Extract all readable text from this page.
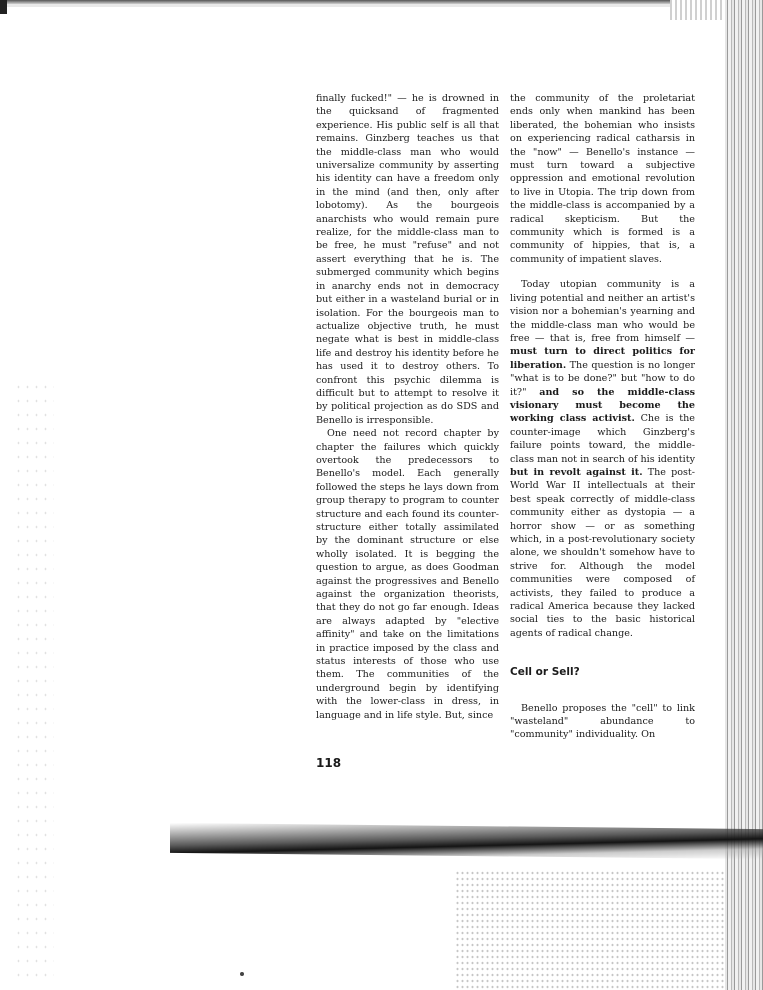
finally fucked!" — he is drowned in the quicksand of fragmented experience. His public self is all that remains. Ginzberg teaches us that the middle-class man who would universalize community by asserting his identity can have a freedom only in the mind (and then, only after lobotomy). As the bourgeois anarchists who would remain pure realize, for the middle-class man to be free, he must "refuse" and not assert everything that he is. The submerged community which begins in anarchy ends not in democracy but either in a wasteland burial or in isolation. For the bourgeois man to actualize objective truth, he must negate what is best in middle-class life and destroy his identity before he has used it to destroy others. To confront this psychic dilemma is difficult but to attempt to resolve it by political projection as do SDS and Benello is irresponsible.

One need not record chapter by chapter the failures which quickly overtook the predecessors to Benello's model. Each generally followed the steps he lays down from group therapy to program to counter structure and each found its counter-structure either totally assimilated by the dominant structure or else wholly isolated. It is begging the question to argue, as does Goodman against the progressives and Benello against the organization theorists, that they do not go far enough. Ideas are always adapted by "elective affinity" and take on the limitations in practice imposed by the class and status interests of those who use them. The communities of the underground begin by identifying with the lower-class in dress, in language and in life style. But, since

the community of the proletariat ends only when mankind has been liberated, the bohemian who insists on experiencing radical catharsis in the "now" — Benello's instance — must turn toward a subjective oppression and emotional revolution to live in Utopia. The trip down from the middle-class is accompanied by a radical skepticism. But the community which is formed is a community of hippies, that is, a community of impatient slaves.

Today utopian community is a living potential and neither an artist's vision nor a bohemian's yearning and the middle-class man who would be free — that is, free from himself — must turn to direct politics for liberation. The question is no longer "what is to be done?" but "how to do it?" and so the middle-class visionary must become the working class activist. Che is the counter-image which Ginzberg's failure points toward, the middle-class man not in search of his identity but in revolt against it. The post-World War II intellectuals at their best speak correctly of middle-class community either as dystopia — a horror show — or as something which, in a post-revolutionary society alone, we shouldn't somehow have to strive for. Although the model communities were composed of activists, they failed to produce a radical America because they lacked social ties to the basic historical agents of radical change.

Cell or Sell?

Benello proposes the "cell" to link "wasteland" abundance to "community" individuality. On

118
